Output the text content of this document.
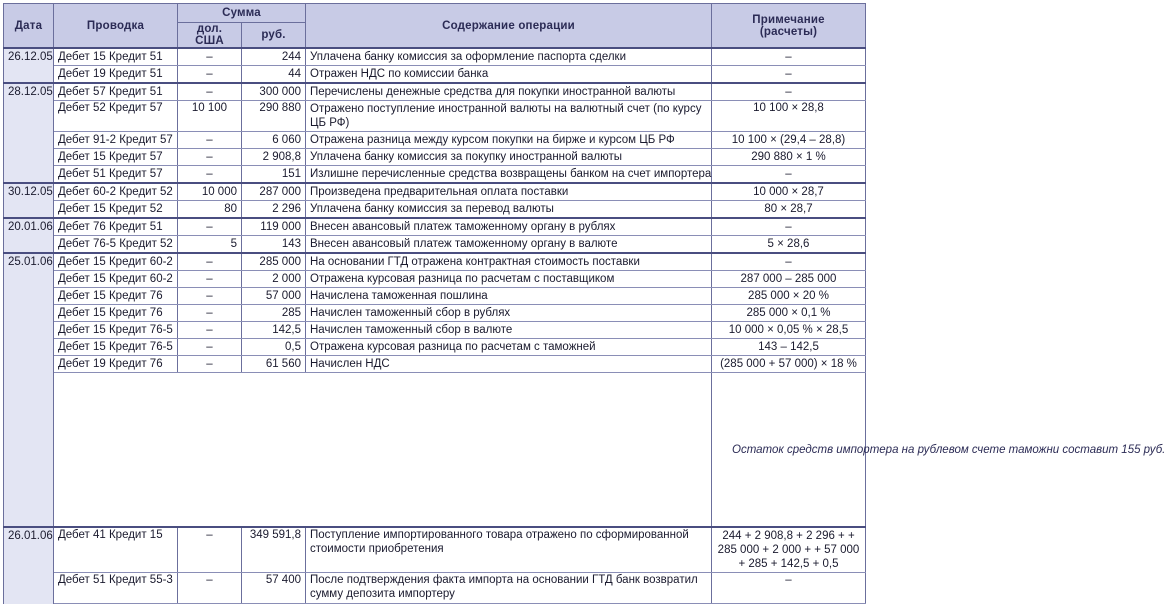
Дата	Проводка	Сумма		Содержание операции	Примечание
(расчеты)	
		дол. США	руб.			
26.12.05	Дебет 15 Кредит 51	–	244	Уплачена банку комиссия за оформление паспорта сделки	–	
	Дебет 19 Кредит 51	–	44	Отражен НДС по комиссии банка	–	
28.12.05	Дебет 57 Кредит 51	–	300 000	Перечислены денежные средства для покупки иностранной валюты	–	
	Дебет 52 Кредит 57	10 100	290 880	Отражено поступление иностранной валюты на валютный счет (по курсу ЦБ РФ)	10 100 × 28,8	
	Дебет 91-2 Кредит 57	–	6 060	Отражена разница между курсом покупки на бирже и курсом ЦБ РФ	10 100 × (29,4 – 28,8)	
	Дебет 15 Кредит 57	–	2 908,8	Уплачена банку комиссия за покупку иностранной валюты	290 880 × 1 %	
	Дебет 51 Кредит 57	–	151	Излишне перечисленные средства возвращены банком на счет импортера	–	
30.12.05	Дебет 60-2 Кредит 52	10 000	287 000	Произведена предварительная оплата поставки	10 000 × 28,7	
	Дебет 15 Кредит 52	80	2 296	Уплачена банку комиссия за перевод валюты	80 × 28,7	
20.01.06	Дебет 76 Кредит 51	–	119 000	Внесен авансовый платеж таможенному органу в рублях	–	
	Дебет 76-5 Кредит 52	5	143	Внесен авансовый платеж таможенному органу в валюте	5 × 28,6	
25.01.06	Дебет 15 Кредит 60-2	–	285 000	На основании ГТД отражена контрактная стоимость поставки	–	
	Дебет 15 Кредит 60-2	–	2 000	Отражена курсовая разница по расчетам с поставщиком	287 000 – 285 000	
	Дебет 15 Кредит 76	–	57 000	Начислена таможенная пошлина	285 000 × 20 %	
	Дебет 15 Кредит 76	–	285	Начислен таможенный сбор в рублях	285 000 × 0,1 %	
	Дебет 15 Кредит 76-5	–	142,5	Начислен таможенный сбор в валюте	10 000 × 0,05 % × 28,5	
	Дебет 15 Кредит 76-5	–	0,5	Отражена курсовая разница по расчетам с таможней	143 – 142,5	
	Дебет 19 Кредит 76	–	61 560	Начислен НДС	(285 000 + 57 000) × 18 %	
					Остаток средств импортера на рублевом счете таможни составит 155 руб.	
26.01.06	Дебет 41 Кредит 15	–	349 591,8	Поступление импортированного товара отражено по сформированной стоимости приобретения	244 + 2 908,8 + 2 296 + + 285 000 + 2 000 + + 57 000 + 285 + 142,5 + 0,5	
	Дебет 51 Кредит 55-3	–	57 400	После подтверждения факта импорта на основании ГТД банк возвратил сумму депозита импортеру	–	
